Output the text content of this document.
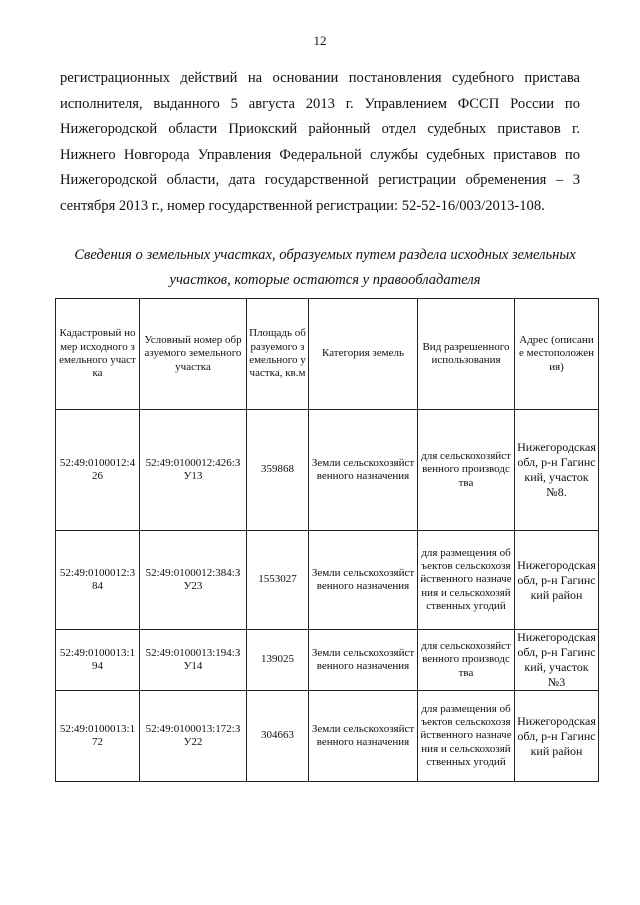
12

регистрационных действий на основании постановления судебного пристава исполнителя, выданного 5 августа 2013 г. Управлением ФССП России по Нижегородской области Приокский районный отдел судебных приставов г. Нижнего Новгорода Управления Федеральной службы судебных приставов по Нижегородской области, дата государственной регистрации обременения – 3 сентября 2013 г., номер государственной регистрации: 52-52-16/003/2013-108.

Сведения о земельных участках, образуемых путем раздела исходных земельных участков, которые остаются у правообладателя

Кадастровый номер исходного земельного участка	Условный номер образуемого земельного участка	Площадь образуемого земельного участка, кв.м	Категория земель	Вид разрешенного использования	Адрес (описание местоположения)
52:49:0100012:426	52:49:0100012:426:ЗУ13	359868	Земли сельскохозяйственного назначения	для сельскохозяйственного производства	Нижегородская обл, р-н Гагинский, участок №8.
52:49:0100012:384	52:49:0100012:384:ЗУ23	1553027	Земли сельскохозяйственного назначения	для размещения объектов сельскохозяйственного назначения и сельскохозяйственных угодий	Нижегородская обл, р-н Гагинский район
52:49:0100013:194	52:49:0100013:194:ЗУ14	139025	Земли сельскохозяйственного назначения	для сельскохозяйственного производства	Нижегородская обл, р-н Гагинский, участок №3
52:49:0100013:172	52:49:0100013:172:ЗУ22	304663	Земли сельскохозяйственного назначения	для размещения объектов сельскохозяйственного назначения и сельскохозяйственных угодий	Нижегородская обл, р-н Гагинский район
